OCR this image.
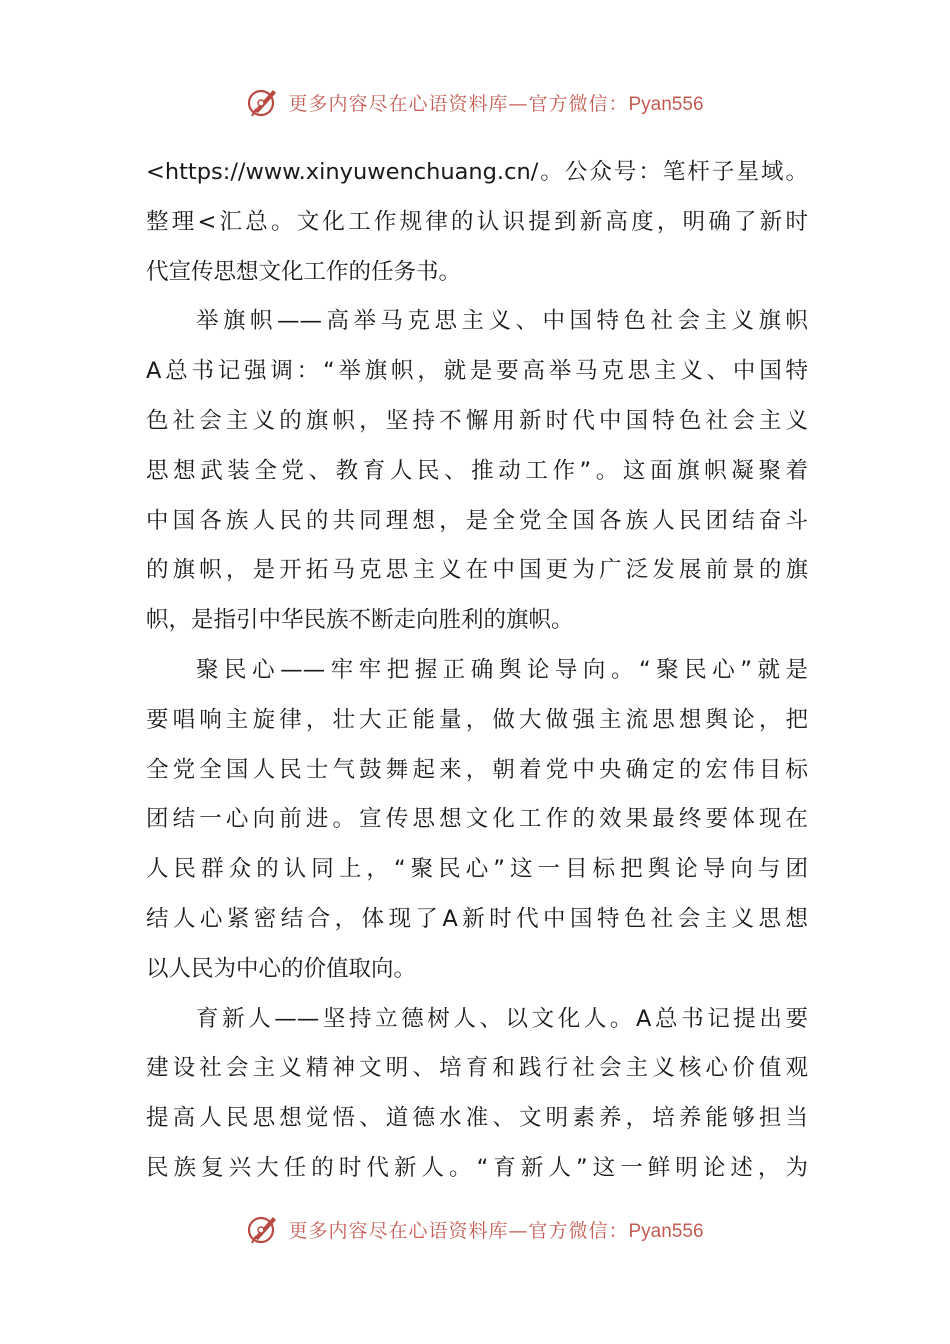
更多内容尽在心语资料库—官方微信：Pyan556
<https://www.xinyuwenchuang.cn/。公众号：笔杆子星域。
整理<汇总。文化工作规律的认识提到新高度，明确了新时
代宣传思想文化工作的任务书。
举旗帜——高举马克思主义、中国特色社会主义旗帜
A总书记强调：“举旗帜，就是要高举马克思主义、中国特
色社会主义的旗帜，坚持不懈用新时代中国特色社会主义
思想武装全党、教育人民、推动工作”。这面旗帜凝聚着
中国各族人民的共同理想，是全党全国各族人民团结奋斗
的旗帜，是开拓马克思主义在中国更为广泛发展前景的旗
帜，是指引中华民族不断走向胜利的旗帜。
聚民心——牢牢把握正确舆论导向。“聚民心”就是
要唱响主旋律，壮大正能量，做大做强主流思想舆论，把
全党全国人民士气鼓舞起来，朝着党中央确定的宏伟目标
团结一心向前进。宣传思想文化工作的效果最终要体现在
人民群众的认同上，“聚民心”这一目标把舆论导向与团
结人心紧密结合，体现了A新时代中国特色社会主义思想
以人民为中心的价值取向。
育新人——坚持立德树人、以文化人。A总书记提出要
建设社会主义精神文明、培育和践行社会主义核心价值观
提高人民思想觉悟、道德水准、文明素养，培养能够担当
民族复兴大任的时代新人。“育新人”这一鲜明论述，为
更多内容尽在心语资料库—官方微信：Pyan556
